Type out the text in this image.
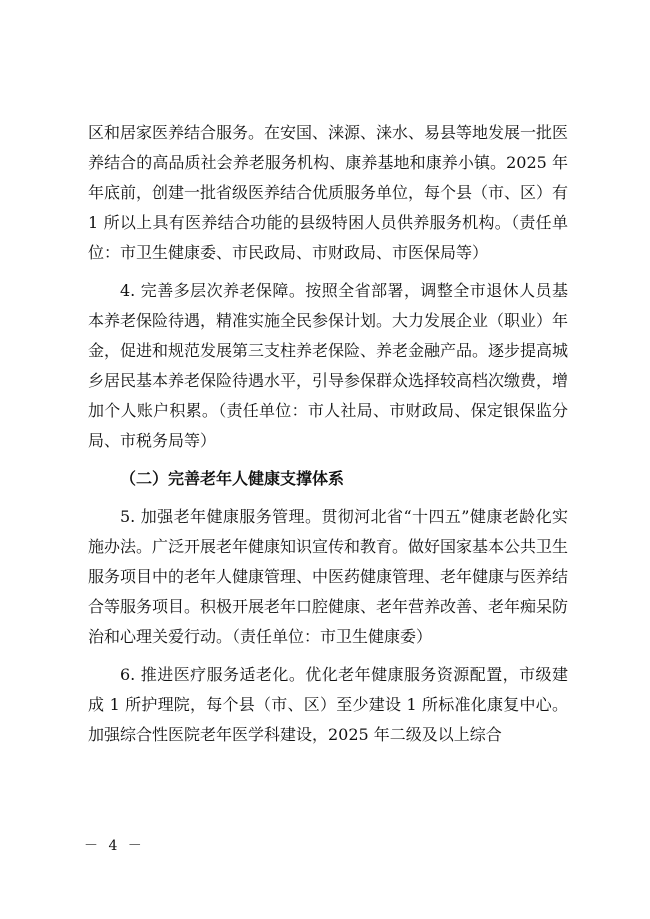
区和居家医养结合服务。在安国、涞源、涞水、易县等地发展一批医养结合的高品质社会养老服务机构、康养基地和康养小镇。2025 年年底前，创建一批省级医养结合优质服务单位，每个县（市、区）有 1 所以上具有医养结合功能的县级特困人员供养服务机构。（责任单位：市卫生健康委、市民政局、市财政局、市医保局等）

4. 完善多层次养老保障。按照全省部署，调整全市退休人员基本养老保险待遇，精准实施全民参保计划。大力发展企业（职业）年金，促进和规范发展第三支柱养老保险、养老金融产品。逐步提高城乡居民基本养老保险待遇水平，引导参保群众选择较高档次缴费，增加个人账户积累。（责任单位：市人社局、市财政局、保定银保监分局、市税务局等）

（二）完善老年人健康支撑体系

5. 加强老年健康服务管理。贯彻河北省“十四五”健康老龄化实施办法。广泛开展老年健康知识宣传和教育。做好国家基本公共卫生服务项目中的老年人健康管理、中医药健康管理、老年健康与医养结合等服务项目。积极开展老年口腔健康、老年营养改善、老年痴呆防治和心理关爱行动。（责任单位：市卫生健康委）

6. 推进医疗服务适老化。优化老年健康服务资源配置，市级建成 1 所护理院，每个县（市、区）至少建设 1 所标准化康复中心。加强综合性医院老年医学科建设，2025 年二级及以上综合

－ 4 －
